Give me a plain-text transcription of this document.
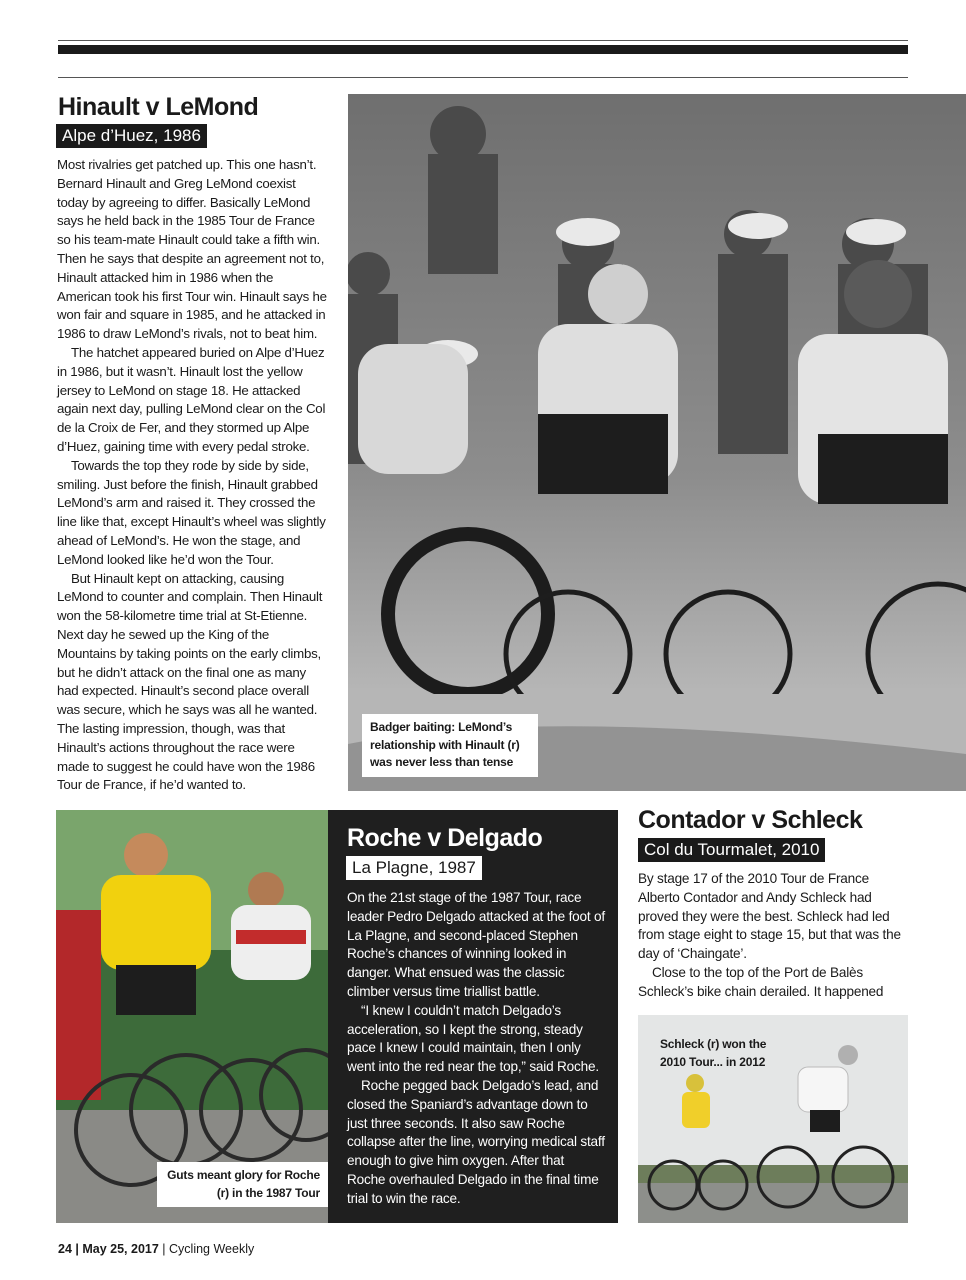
Hinault v LeMond
Alpe d’Huez, 1986

Most rivalries get patched up. This one hasn’t. Bernard Hinault and Greg LeMond coexist today by agreeing to differ. Basically LeMond says he held back in the 1985 Tour de France so his team-mate Hinault could take a fifth win. Then he says that despite an agreement not to, Hinault attacked him in 1986 when the American took his first Tour win. Hinault says he won fair and square in 1985, and he attacked in 1986 to draw LeMond’s rivals, not to beat him.

The hatchet appeared buried on Alpe d’Huez in 1986, but it wasn’t. Hinault lost the yellow jersey to LeMond on stage 18. He attacked again next day, pulling LeMond clear on the Col de la Croix de Fer, and they stormed up Alpe d’Huez, gaining time with every pedal stroke.

Towards the top they rode by side by side, smiling. Just before the finish, Hinault grabbed LeMond’s arm and raised it. They crossed the line like that, except Hinault’s wheel was slightly ahead of LeMond’s. He won the stage, and LeMond looked like he’d won the Tour.

But Hinault kept on attacking, causing LeMond to counter and complain. Then Hinault won the 58-kilometre time trial at St-Etienne. Next day he sewed up the King of the Mountains by taking points on the early climbs, but he didn’t attack on the final one as many had expected. Hinault’s second place overall was secure, which he says was all he wanted. The lasting impression, though, was that Hinault’s actions throughout the race were made to suggest he could have won the 1986 Tour de France, if he’d wanted to.

Badger baiting: LeMond’s relationship with Hinault (r) was never less than tense
Guts meant glory for Roche (r) in the 1987 Tour
Roche v Delgado
La Plagne, 1987

On the 21st stage of the 1987 Tour, race leader Pedro Delgado attacked at the foot of La Plagne, and second-placed Stephen Roche’s chances of winning looked in danger. What ensued was the classic climber versus time triallist battle.

“I knew I couldn’t match Delgado’s acceleration, so I kept the strong, steady pace I knew I could maintain, then I only went into the red near the top,” said Roche.

Roche pegged back Delgado’s lead, and closed the Spaniard’s advantage down to just three seconds. It also saw Roche collapse after the line, worrying medical staff enough to give him oxygen. After that Roche overhauled Delgado in the final time trial to win the race.

Contador v Schleck
Col du Tourmalet, 2010

By stage 17 of the 2010 Tour de France Alberto Contador and Andy Schleck had proved they were the best. Schleck had led from stage eight to stage 15, but that was the day of ‘Chaingate’.

Close to the top of the Port de Balès Schleck’s bike chain derailed. It happened

Schleck (r) won the 2010 Tour... in 2012
24 | May 25, 2017 | Cycling Weekly
